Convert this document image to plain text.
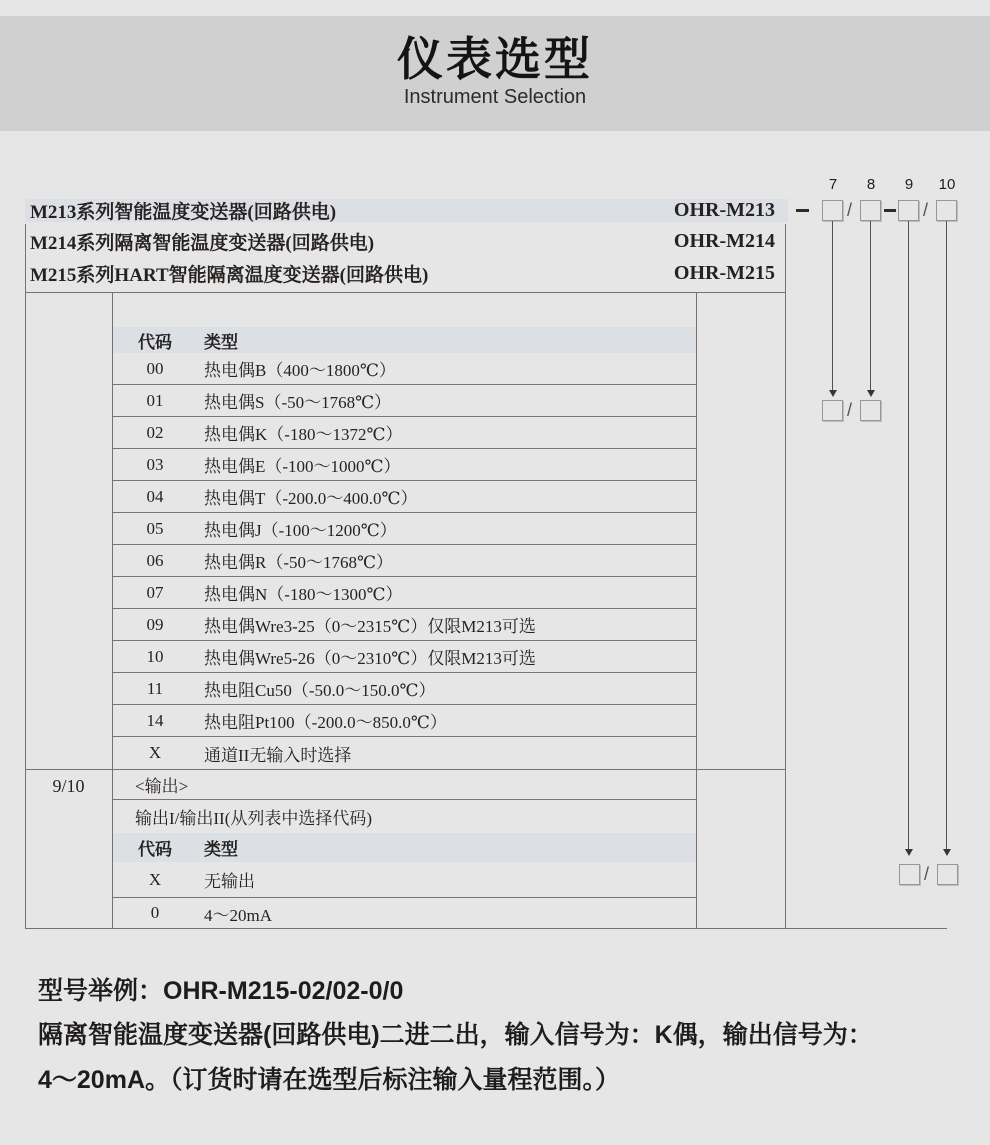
仪表选型
Instrument Selection
M213系列智能温度变送器(回路供电)	OHR-M213
M214系列隔离智能温度变送器(回路供电)	OHR-M214
M215系列HART智能隔离温度变送器(回路供电)	OHR-M215
9/10
代码	类型
00	热电偶B（400～1800℃）
01	热电偶S（-50～1768℃）
02	热电偶K（-180～1372℃）
03	热电偶E（-100～1000℃）
04	热电偶T（-200.0～400.0℃）
05	热电偶J（-100～1200℃）
06	热电偶R（-50～1768℃）
07	热电偶N（-180～1300℃）
09	热电偶Wre3-25（0～2315℃）仅限M213可选
10	热电偶Wre5-26（0～2310℃）仅限M213可选
11	热电阻Cu50（-50.0～150.0℃）
14	热电阻Pt100（-200.0～850.0℃）
X	通道II无输入时选择
<输出>
输出I/输出II(从列表中选择代码)
代码	类型
X	无输出
0	4～20mA
7	8	9	10
/	/
/
/
型号举例：OHR-M215-02/02-0/0
隔离智能温度变送器(回路供电)二进二出，输入信号为：K偶，输出信号为：
4～20mA。（订货时请在选型后标注输入量程范围。）
